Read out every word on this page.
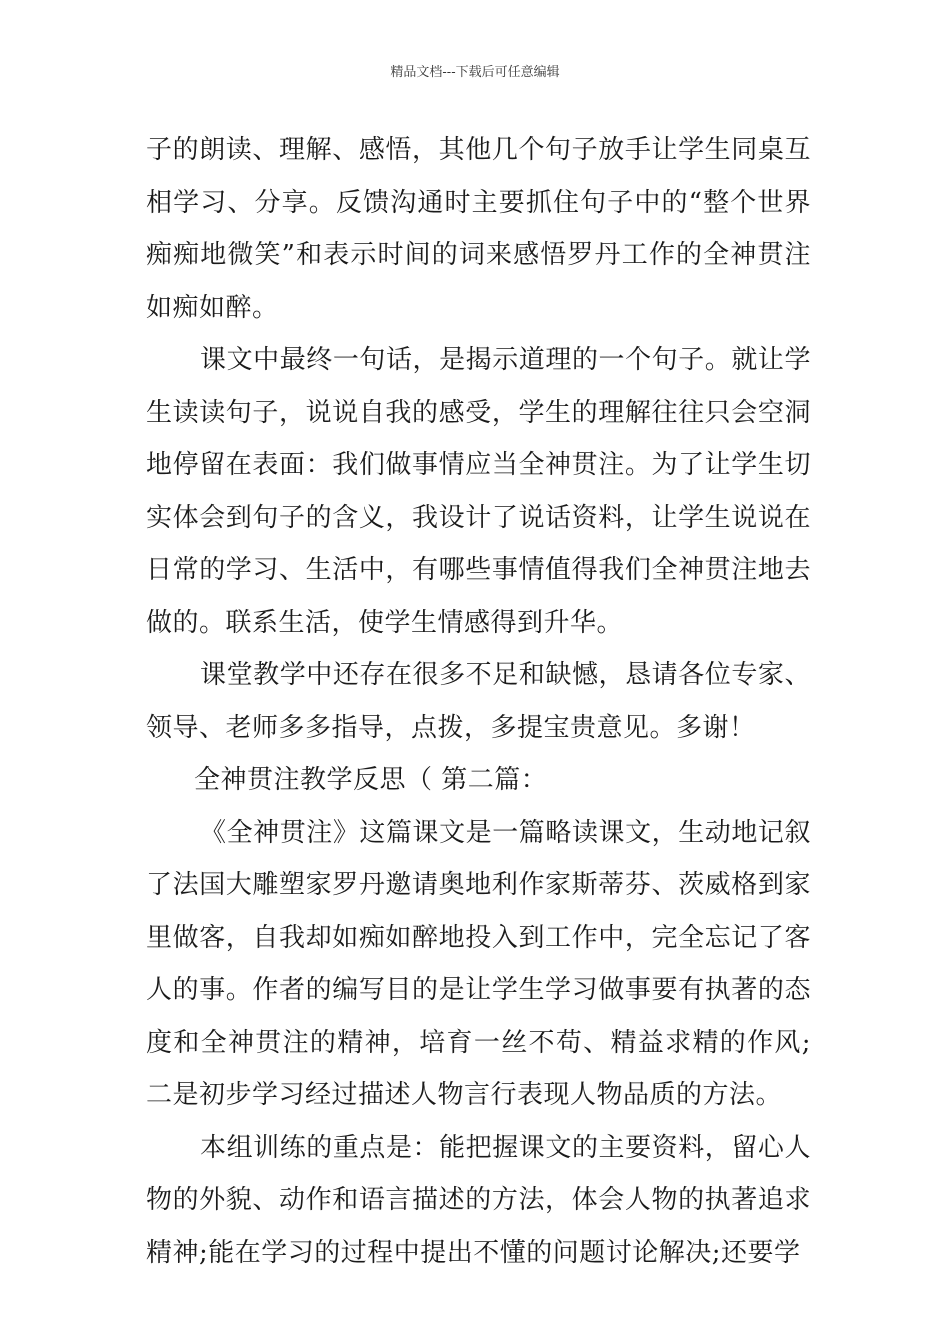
精品文档---下载后可任意编辑

子的朗读、理解、感悟，其他几个句子放手让学生同桌互相学习、分享。反馈沟通时主要抓住句子中的“整个世界痴痴地微笑”和表示时间的词来感悟罗丹工作的全神贯注如痴如醉。

课文中最终一句话，是揭示道理的一个句子。就让学生读读句子，说说自我的感受，学生的理解往往只会空洞地停留在表面：我们做事情应当全神贯注。为了让学生切实体会到句子的含义，我设计了说话资料，让学生说说在日常的学习、生活中，有哪些事情值得我们全神贯注地去做的。联系生活，使学生情感得到升华。

课堂教学中还存在很多不足和缺憾，恳请各位专家、领导、老师多多指导，点拨，多提宝贵意见。多谢！

全神贯注教学反思（ 第二篇：

《全神贯注》这篇课文是一篇略读课文，生动地记叙了法国大雕塑家罗丹邀请奥地利作家斯蒂芬、茨威格到家里做客，自我却如痴如醉地投入到工作中，完全忘记了客人的事。作者的编写目的是让学生学习做事要有执著的态度和全神贯注的精神，培育一丝不苟、精益求精的作风;二是初步学习经过描述人物言行表现人物品质的方法。

本组训练的重点是：能把握课文的主要资料，留心人物的外貌、动作和语言描述的方法，体会人物的执著追求精神;能在学习的过程中提出不懂的问题讨论解决;还要学
